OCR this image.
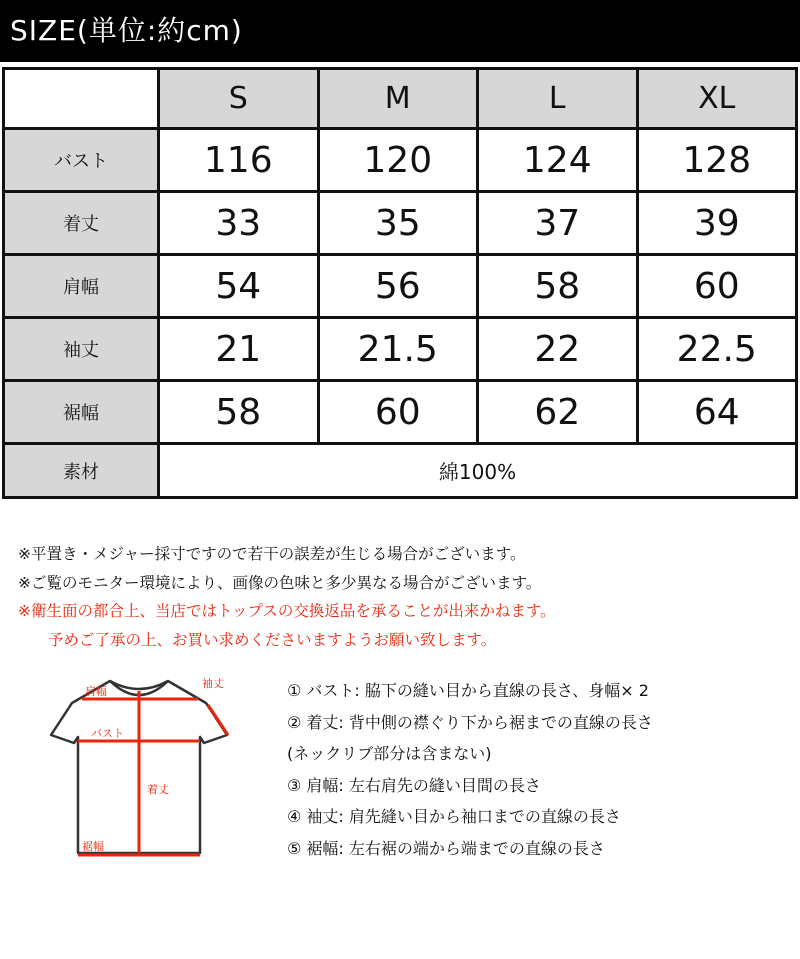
SIZE(単位:約cm)
	S	M	L	XL
バスト	116	120	124	128
着丈	33	35	37	39
肩幅	54	56	58	60
袖丈	21	21.5	22	22.5
裾幅	58	60	62	64
素材	綿100%			
※平置き・メジャー採寸ですので若干の誤差が生じる場合がございます。
※ご覧のモニター環境により、画像の色味と多少異なる場合がございます。
※衛生面の都合上、当店ではトップスの交換返品を承ることが出来かねます。
予めご了承の上、お買い求めくださいますようお願い致します。
袖丈
肩幅
バスト
着丈
裾幅
① バスト: 脇下の縫い目から直線の長さ、身幅× 2
② 着丈: 背中側の襟ぐり下から裾までの直線の長さ
(ネックリブ部分は含まない)
③ 肩幅: 左右肩先の縫い目間の長さ
④ 袖丈: 肩先縫い目から袖口までの直線の長さ
⑤ 裾幅: 左右裾の端から端までの直線の長さ
